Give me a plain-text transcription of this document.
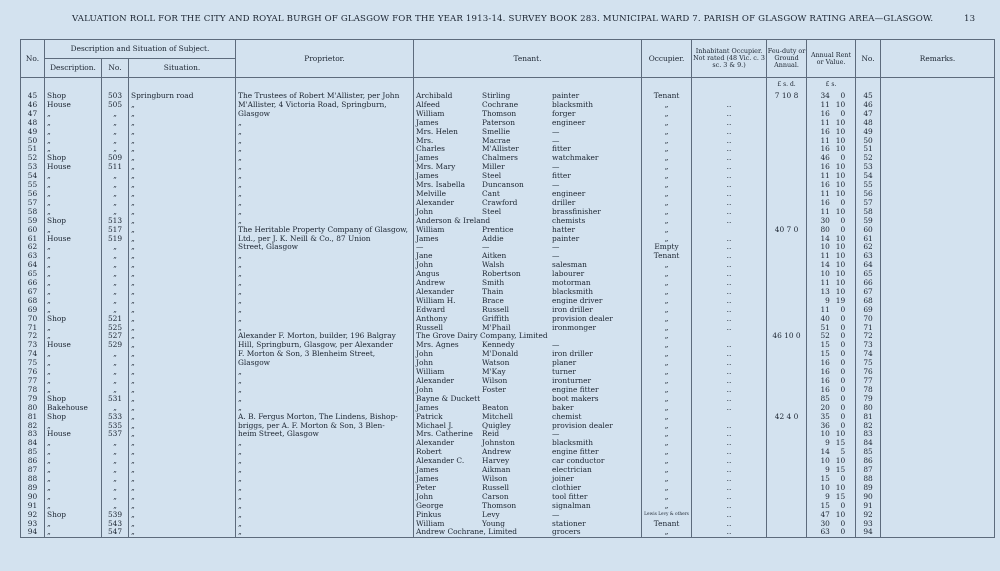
VALUATION ROLL FOR THE CITY AND ROYAL BURGH OF GLASGOW FOR THE YEAR 1913-14. SURVEY BOOK 283. MUNICIPAL WARD 7. PARISH OF GLASGOW RATING AREA—GLASGOW.	13
No.	Description and Situation of Subject.			Proprietor.	Tenant.	Occupier.	Inhabitant Occupier. Not rated (48 Vic. c. 3 sc. 3 & 9.)	Feu-duty or Ground Annual.	Annual Rent or Value.	No.	Remarks.
	Description.	No.	Situation.								
								£ s. d.	£ s.		
45	Shop	503	Springburn road	The Trustees of Robert M'Allister, per John	Archibald Stirling painter	Tenant		7 10 8	34 0	45	
46	House	505	„	M'Allister, 4 Victoria Road, Springburn,	Alfeed Cochrane blacksmith	„	..		11 10	46	
47	„	„	„	Glasgow	William Thomson forger	„	..		16 0	47	
48	„	„	„	„	James Paterson engineer	„	..		11 10	48	
49	„	„	„	„	Mrs. Helen Smellie —	„	..		16 10	49	
50	„	„	„	„	Mrs. Macrae —	„	..		11 10	50	
51	„	„	„	„	Charles M'Allister fitter	„	..		16 10	51	
52	Shop	509	„	„	James Chalmers watchmaker	„	..		46 0	52	
53	House	511	„	„	Mrs. Mary Miller —	„	..		16 10	53	
54	„	„	„	„	James Steel fitter	„	..		11 10	54	
55	„	„	„	„	Mrs. Isabella Duncanson —	„	..		16 10	55	
56	„	„	„	„	Melville Cant engineer	„	..		11 10	56	
57	„	„	„	„	Alexander Crawford driller	„	..		16 0	57	
58	„	„	„	„	John Steel brassfinisher	„	..		11 10	58	
59	Shop	513	„	„	Anderson & Ireland chemists	„	..		30 0	59	
60	„	517	„	The Heritable Property Company of Glasgow,	William Prentice hatter	„		40 7 0	80 0	60	
61	House	519	„	Ltd., per J. K. Neill & Co., 87 Union	James Addie painter	„	..		14 10	61	
62	„	„	„	Street, Glasgow	— — —	Empty	..		10 10	62	
63	„	„	„	„	Jane Aitken —	Tenant	..		11 10	63	
64	„	„	„	„	John Walsh salesman	„	..		14 10	64	
65	„	„	„	„	Angus Robertson labourer	„	..		10 10	65	
66	„	„	„	„	Andrew Smith motorman	„	..		11 10	66	
67	„	„	„	„	Alexander Thain blacksmith	„	..		13 10	67	
68	„	„	„	„	William H. Brace engine driver	„	..		9 19	68	
69	„	„	„	„	Edward Russell iron driller	„	..		11 0	69	
70	Shop	521	„	„	Anthony Griffith provision dealer	„	..		40 0	70	
71	„	525	„	„	Russell M'Phail ironmonger	„	..		51 0	71	
72	„	527	„	Alexander F. Morton, builder, 196 Balgray	The Grove Dairy Company, Limited	„		46 10 0	52 0	72	
73	House	529	„	Hill, Springburn, Glasgow, per Alexander	Mrs. Agnes Kennedy —	„	..		15 0	73	
74	„	„	„	F. Morton & Son, 3 Blenheim Street,	John M'Donald iron driller	„	..		15 0	74	
75	„	„	„	Glasgow	John Watson planer	„	..		16 0	75	
76	„	„	„	„	William M'Kay turner	„	..		16 0	76	
77	„	„	„	„	Alexander Wilson ironturner	„	..		16 0	77	
78	„	„	„	„	John Foster engine fitter	„	..		16 0	78	
79	Shop	531	„	„	Bayne & Duckett boot makers	„	..		85 0	79	
80	Bakehouse	„	„	„	James Beaton baker	„	..		20 0	80	
81	Shop	533	„	A. B. Fergus Morton, The Lindens, Bishop-	Patrick Mitchell chemist	„		42 4 0	35 0	81	
82	„	535	„	briggs, per A. F. Morton & Son, 3 Blen-	Michael J. Quigley provision dealer	„	..		36 0	82	
83	House	537	„	heim Street, Glasgow	Mrs. Catherine Reid —	„	..		10 10	83	
84	„	„	„	„	Alexander Johnston blacksmith	„	..		9 15	84	
85	„	„	„	„	Robert Andrew engine fitter	„	..		14 5	85	
86	„	„	„	„	Alexander C. Harvey car conductor	„	..		10 10	86	
87	„	„	„	„	James Aikman electrician	„	..		9 15	87	
88	„	„	„	„	James Wilson joiner	„	..		15 0	88	
89	„	„	„	„	Peter Russell clothier	„	..		10 10	89	
90	„	„	„	„	John Carson tool fitter	„	..		9 15	90	
91	„	„	„	„	George Thomson signalman	„	..		15 0	91	
92	Shop	539	„	„	Pinkus Levy —	Lewis Levy & others	..		47 10	92	
93	„	543	„	„	William Young stationer	Tenant	..		30 0	93	
94	„	547	„	„	Andrew Cochrane, Limited grocers	„	..		63 0	94	
